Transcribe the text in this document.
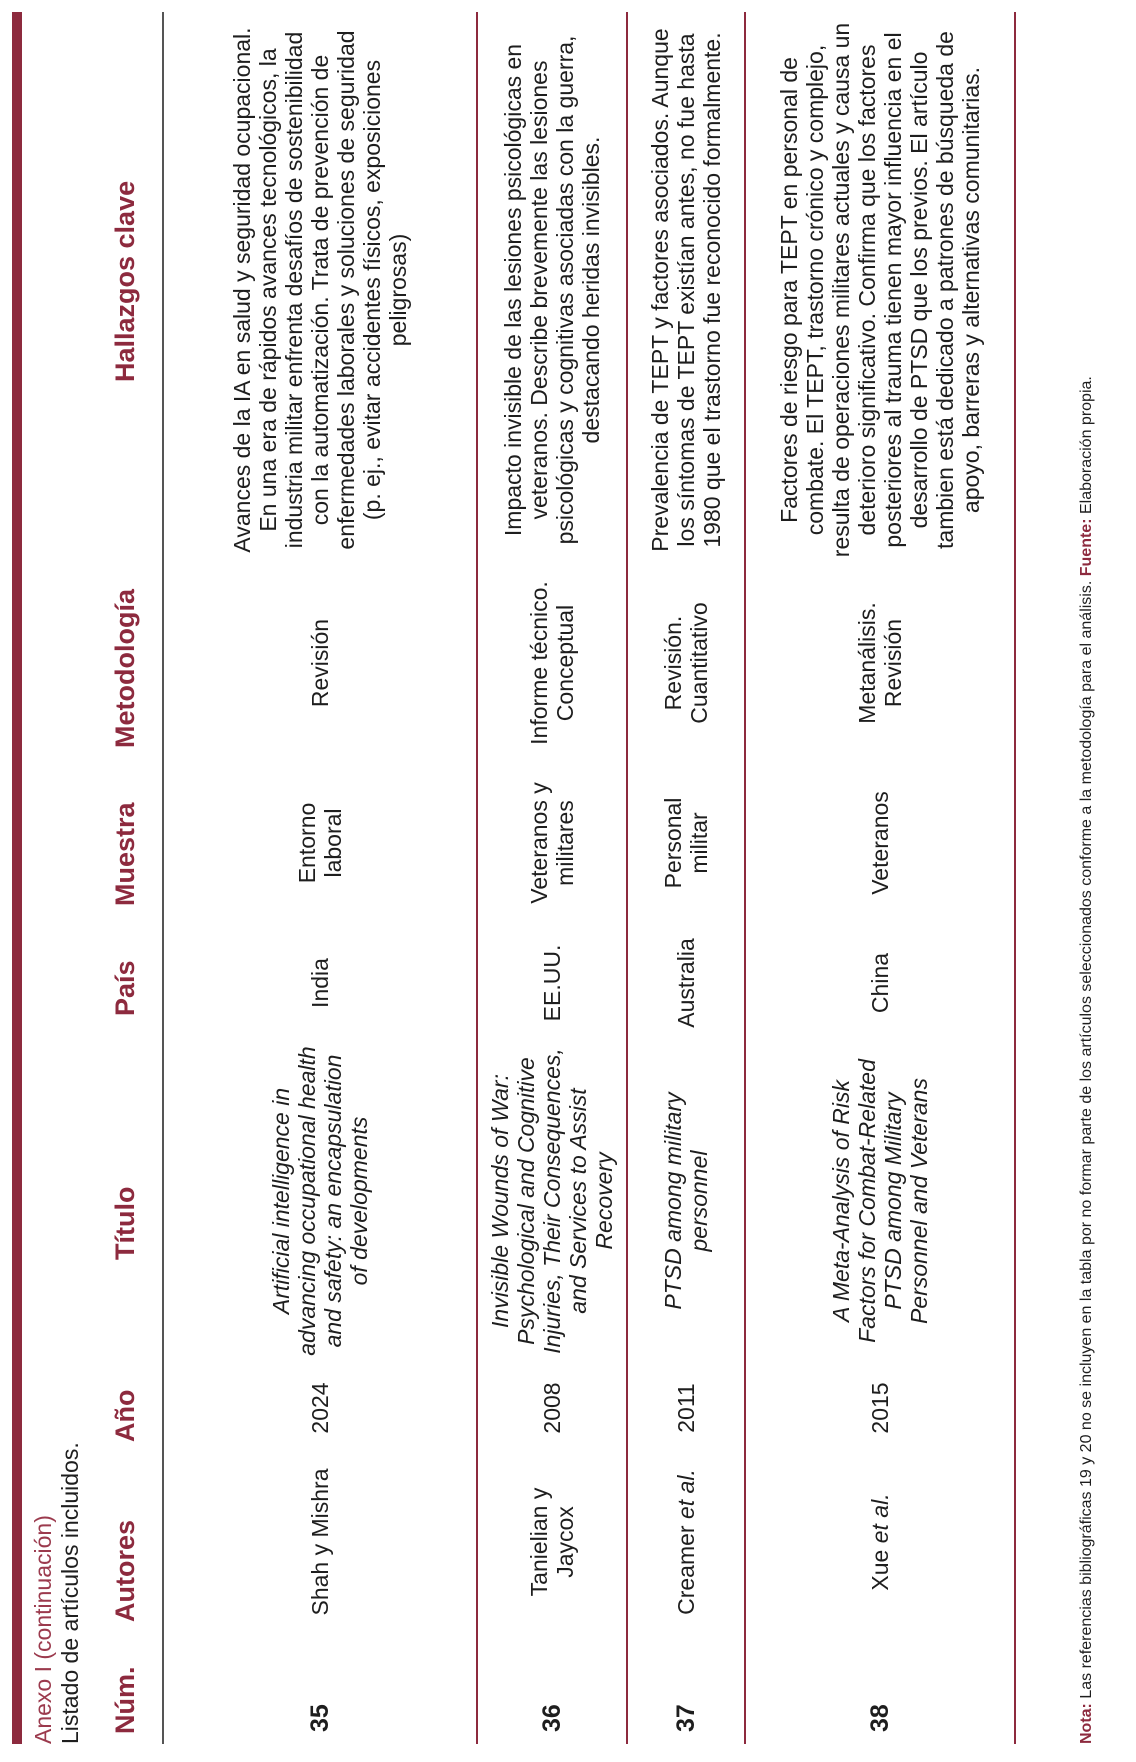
Anexo I (continuación) Listado de artículos incluidos. Núm.	Autores	Año	Título	País	Muestra	Metodología	Hallazgos clave
35	Shah y Mishra	2024	Artificial intelligence in advancing occupational health and safety: an encapsulation of developments	India	Entorno laboral	Revisión	Avances de la IA en salud y seguridad ocupacional. En una era de rápidos avances tecnológicos, la industria militar enfrenta desafíos de sostenibilidad con la automatización. Trata de prevención de enfermedades laborales y soluciones de seguridad (p. ej., evitar accidentes físicos, exposiciones peligrosas)
36	Tanielian y Jaycox	2008	Invisible Wounds of War: Psychological and Cognitive Injuries, Their Consequences, and Services to Assist Recovery	EE.UU.	Veteranos y militares	Informe técnico. Conceptual	Impacto invisible de las lesiones psicológicas en veteranos. Describe brevemente las lesiones psicológicas y cognitivas asociadas con la guerra, destacando heridas invisibles.
37	Creamer et al.	2011	PTSD among military personnel	Australia	Personal militar	Revisión. Cuantitativo	Prevalencia de TEPT y factores asociados. Aunque los síntomas de TEPT existían antes, no fue hasta 1980 que el trastorno fue reconocido formalmente.
38	Xue et al.	2015	A Meta-Analysis of Risk Factors for Combat-Related PTSD among Military Personnel and Veterans	China	Veteranos	Metanálisis. Revisión	Factores de riesgo para TEPT en personal de combate. El TEPT, trastorno crónico y complejo, resulta de operaciones militares actuales y causa un deterioro significativo. Confirma que los factores posteriores al trauma tienen mayor influencia en el desarrollo de PTSD que los previos. El artículo tambien está dedicado a patrones de búsqueda de apoyo, barreras y alternativas comunitarias.
Nota: Las referencias bibliográficas 19 y 20 no se incluyen en la tabla por no formar parte de los artículos seleccionados conforme a la metodología para el análisis. Fuente: Elaboración propia.
